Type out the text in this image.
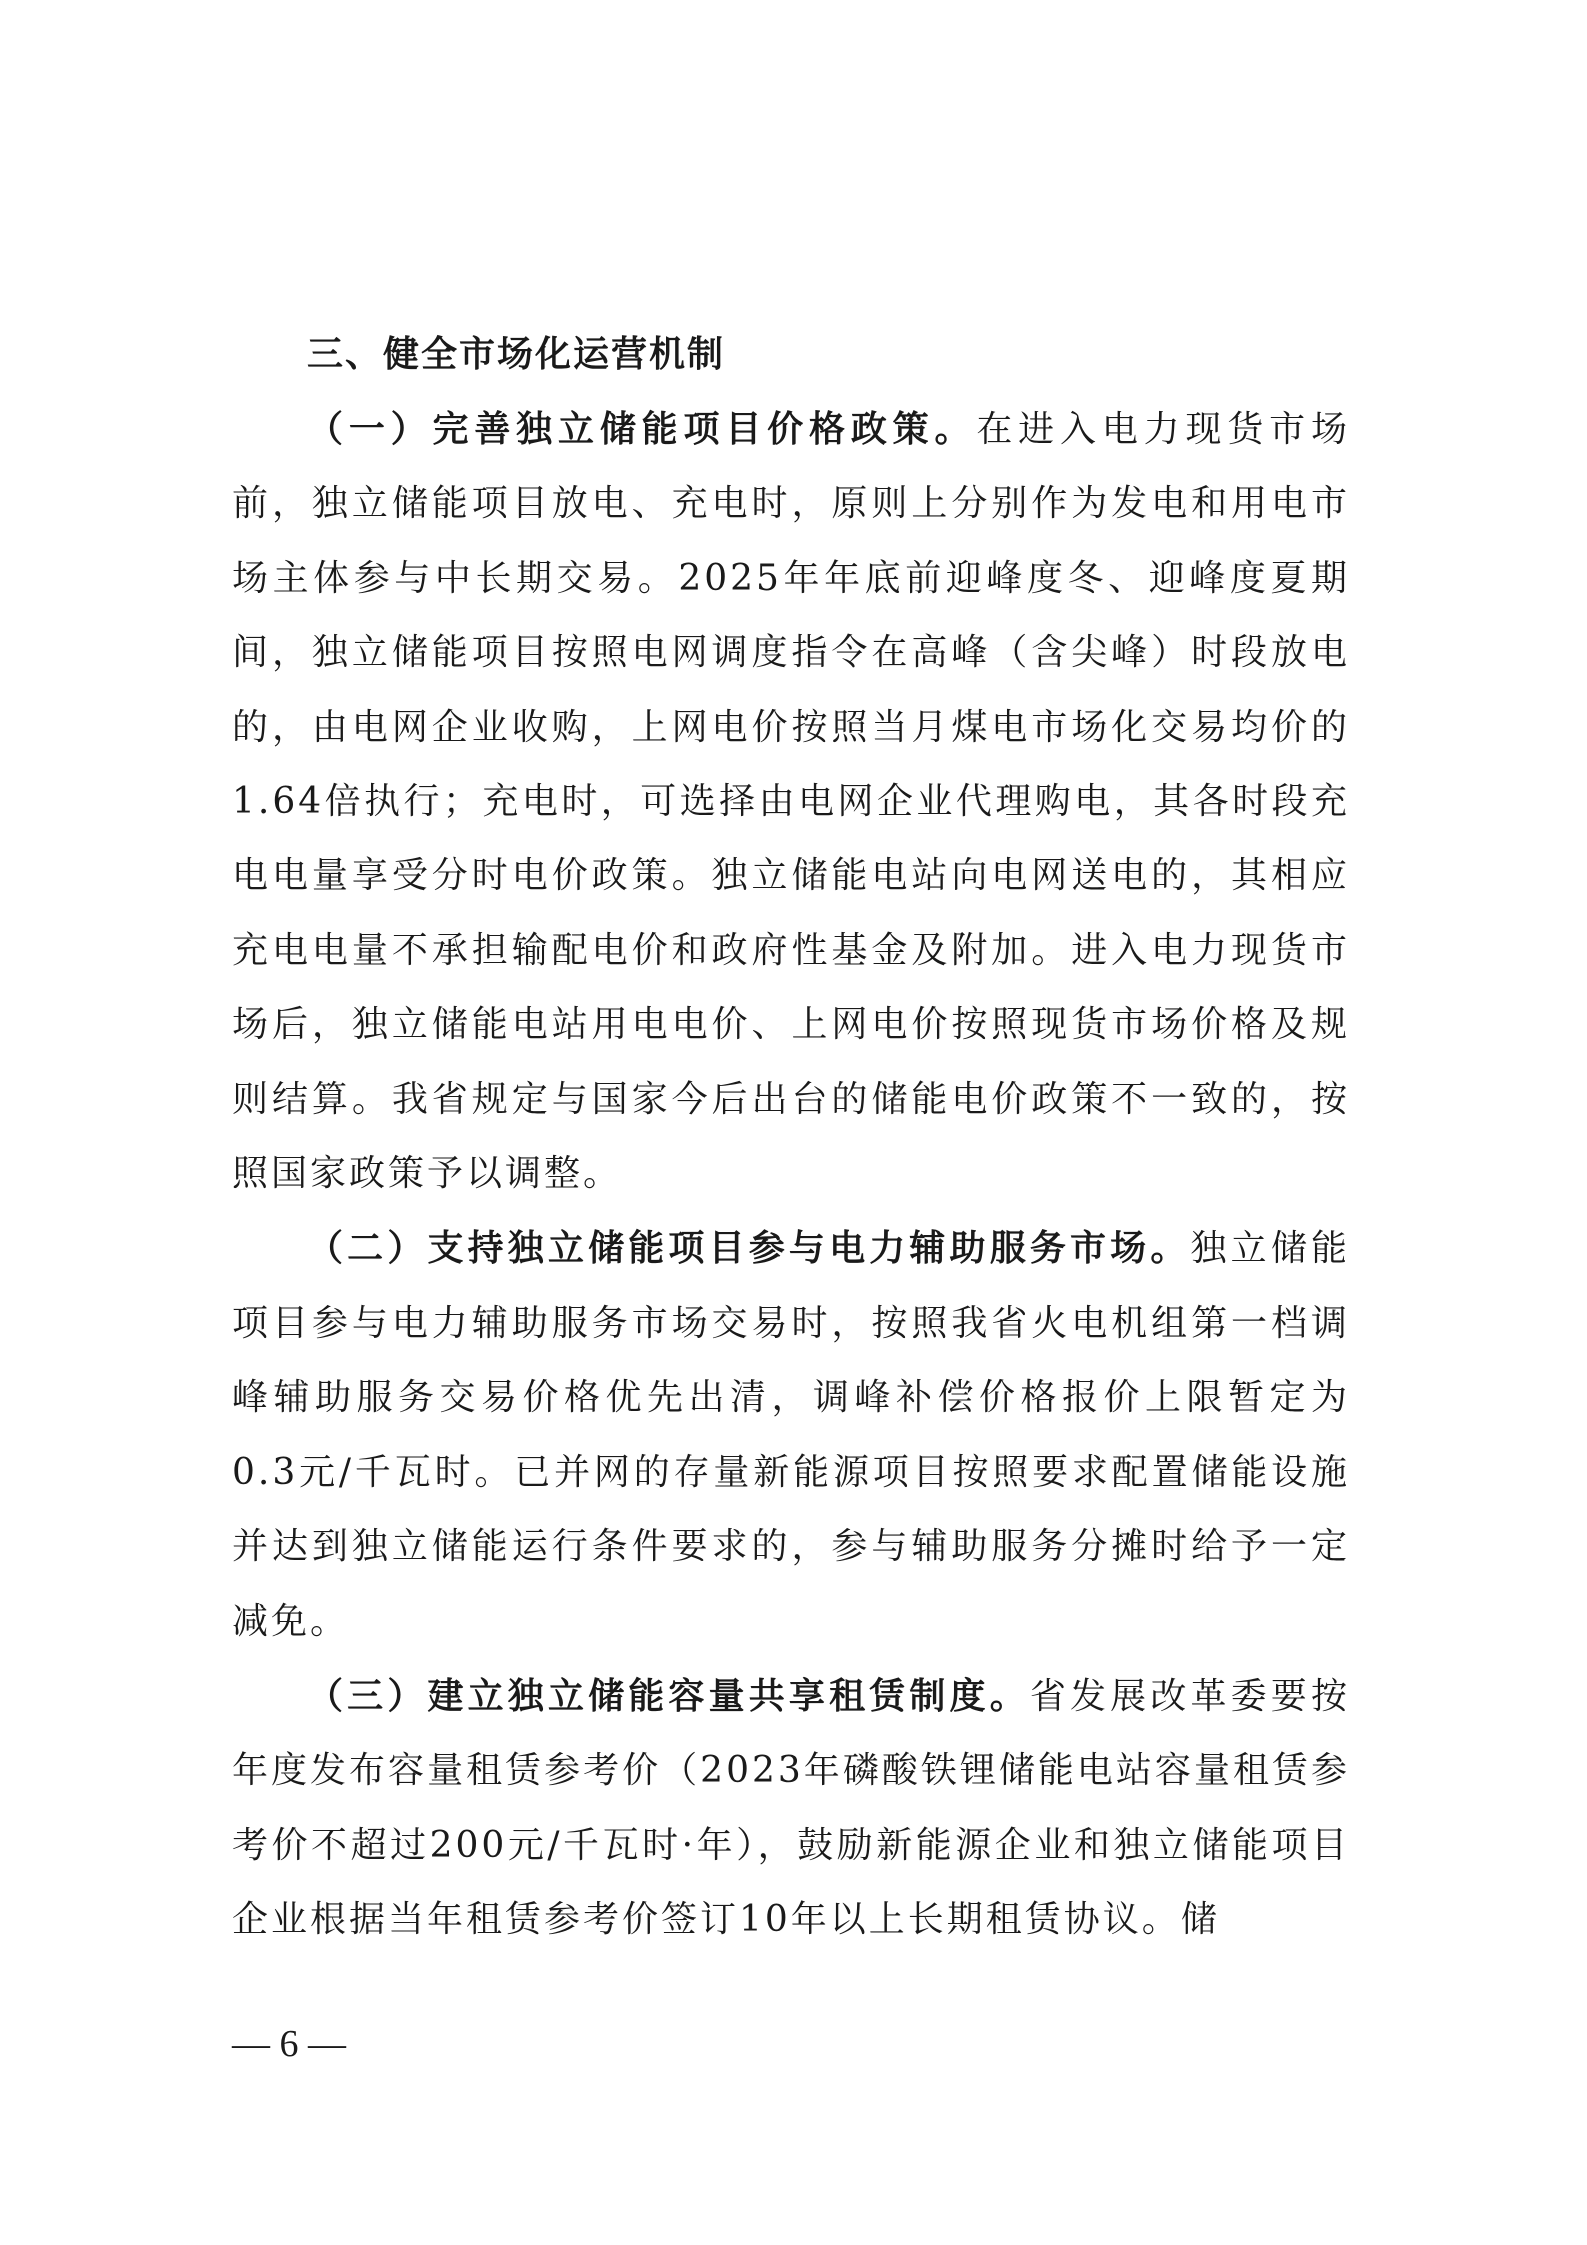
三、健全市场化运营机制

（一）完善独立储能项目价格政策。在进入电力现货市场前，独立储能项目放电、充电时，原则上分别作为发电和用电市场主体参与中长期交易。2025年年底前迎峰度冬、迎峰度夏期间，独立储能项目按照电网调度指令在高峰（含尖峰）时段放电的，由电网企业收购，上网电价按照当月煤电市场化交易均价的1.64倍执行；充电时，可选择由电网企业代理购电，其各时段充电电量享受分时电价政策。独立储能电站向电网送电的，其相应充电电量不承担输配电价和政府性基金及附加。进入电力现货市场后，独立储能电站用电电价、上网电价按照现货市场价格及规则结算。我省规定与国家今后出台的储能电价政策不一致的，按照国家政策予以调整。

（二）支持独立储能项目参与电力辅助服务市场。独立储能项目参与电力辅助服务市场交易时，按照我省火电机组第一档调峰辅助服务交易价格优先出清，调峰补偿价格报价上限暂定为0.3元/千瓦时。已并网的存量新能源项目按照要求配置储能设施并达到独立储能运行条件要求的，参与辅助服务分摊时给予一定减免。

（三）建立独立储能容量共享租赁制度。省发展改革委要按年度发布容量租赁参考价（2023年磷酸铁锂储能电站容量租赁参考价不超过200元/千瓦时·年），鼓励新能源企业和独立储能项目企业根据当年租赁参考价签订10年以上长期租赁协议。储

— 6 —
